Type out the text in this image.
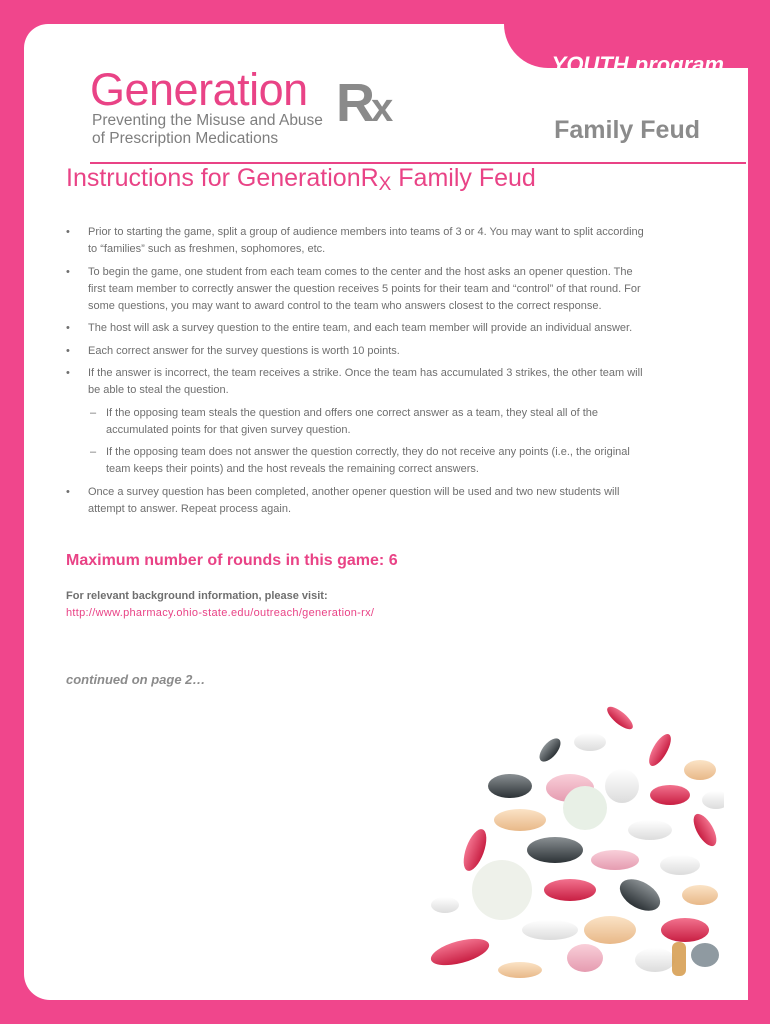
YOUTH program
Generation Rx
Preventing the Misuse and Abuse
of Prescription Medications	Family Feud
Instructions for GenerationR$_X$ Family Feud
• Prior to starting the game, split a group of audience members into teams of 3 or 4. You may want to split according to “families” such as freshmen, sophomores, etc.
• To begin the game, one student from each team comes to the center and the host asks an opener question. The first team member to correctly answer the question receives 5 points for their team and “control” of that round. For some questions, you may want to award control to the team who answers closest to the correct response.
• The host will ask a survey question to the entire team, and each team member will provide an individual answer.
• Each correct answer for the survey questions is worth 10 points.
• If the answer is incorrect, the team receives a strike. Once the team has accumulated 3 strikes, the other team will be able to steal the question.
– If the opposing team steals the question and offers one correct answer as a team, they steal all of the accumulated points for that given survey question.
– If the opposing team does not answer the question correctly, they do not receive any points (i.e., the original team keeps their points) and the host reveals the remaining correct answers.
• Once a survey question has been completed, another opener question will be used and two new students will attempt to answer. Repeat process again.
Maximum number of rounds in this game: 6
For relevant background information, please visit:
http://www.pharmacy.ohio-state.edu/outreach/generation-rx/
continued on page 2…
